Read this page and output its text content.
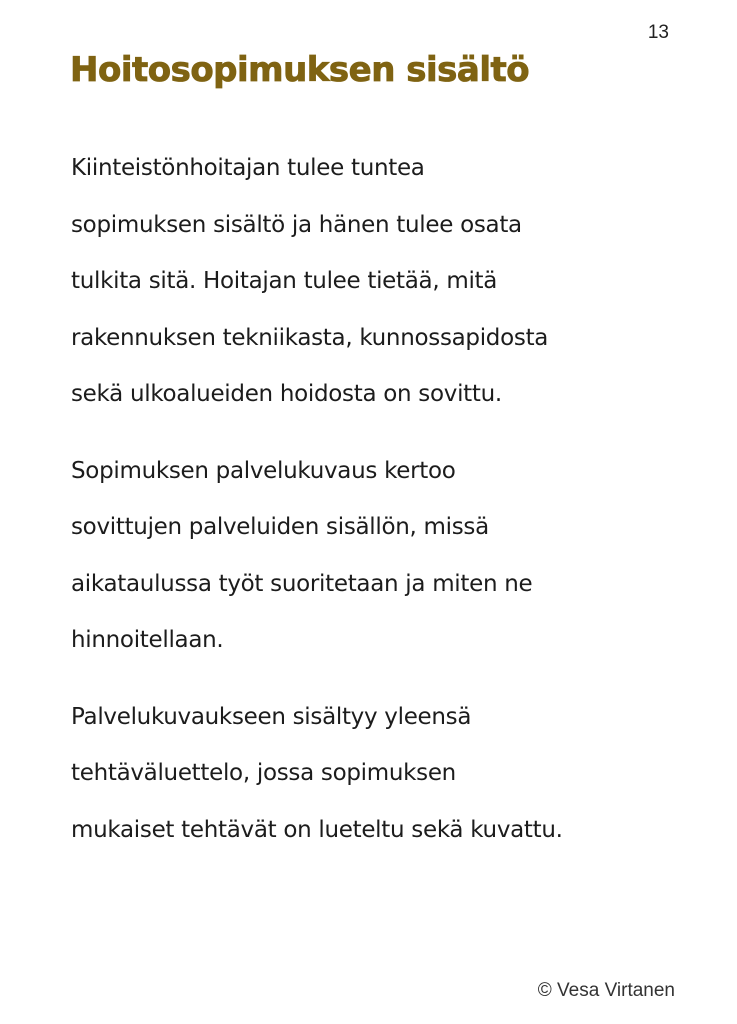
13
Hoitosopimuksen sisältö

Kiinteistönhoitajan tulee tuntea
sopimuksen sisältö ja hänen tulee osata
tulkita sitä. Hoitajan tulee tietää, mitä
rakennuksen tekniikasta, kunnossapidosta
sekä ulkoalueiden hoidosta on sovittu.

Sopimuksen palvelukuvaus kertoo
sovittujen palveluiden sisällön, missä
aikataulussa työt suoritetaan ja miten ne
hinnoitellaan.

Palvelukuvaukseen sisältyy yleensä
tehtäväluettelo, jossa sopimuksen
mukaiset tehtävät on lueteltu sekä kuvattu.

© Vesa Virtanen
